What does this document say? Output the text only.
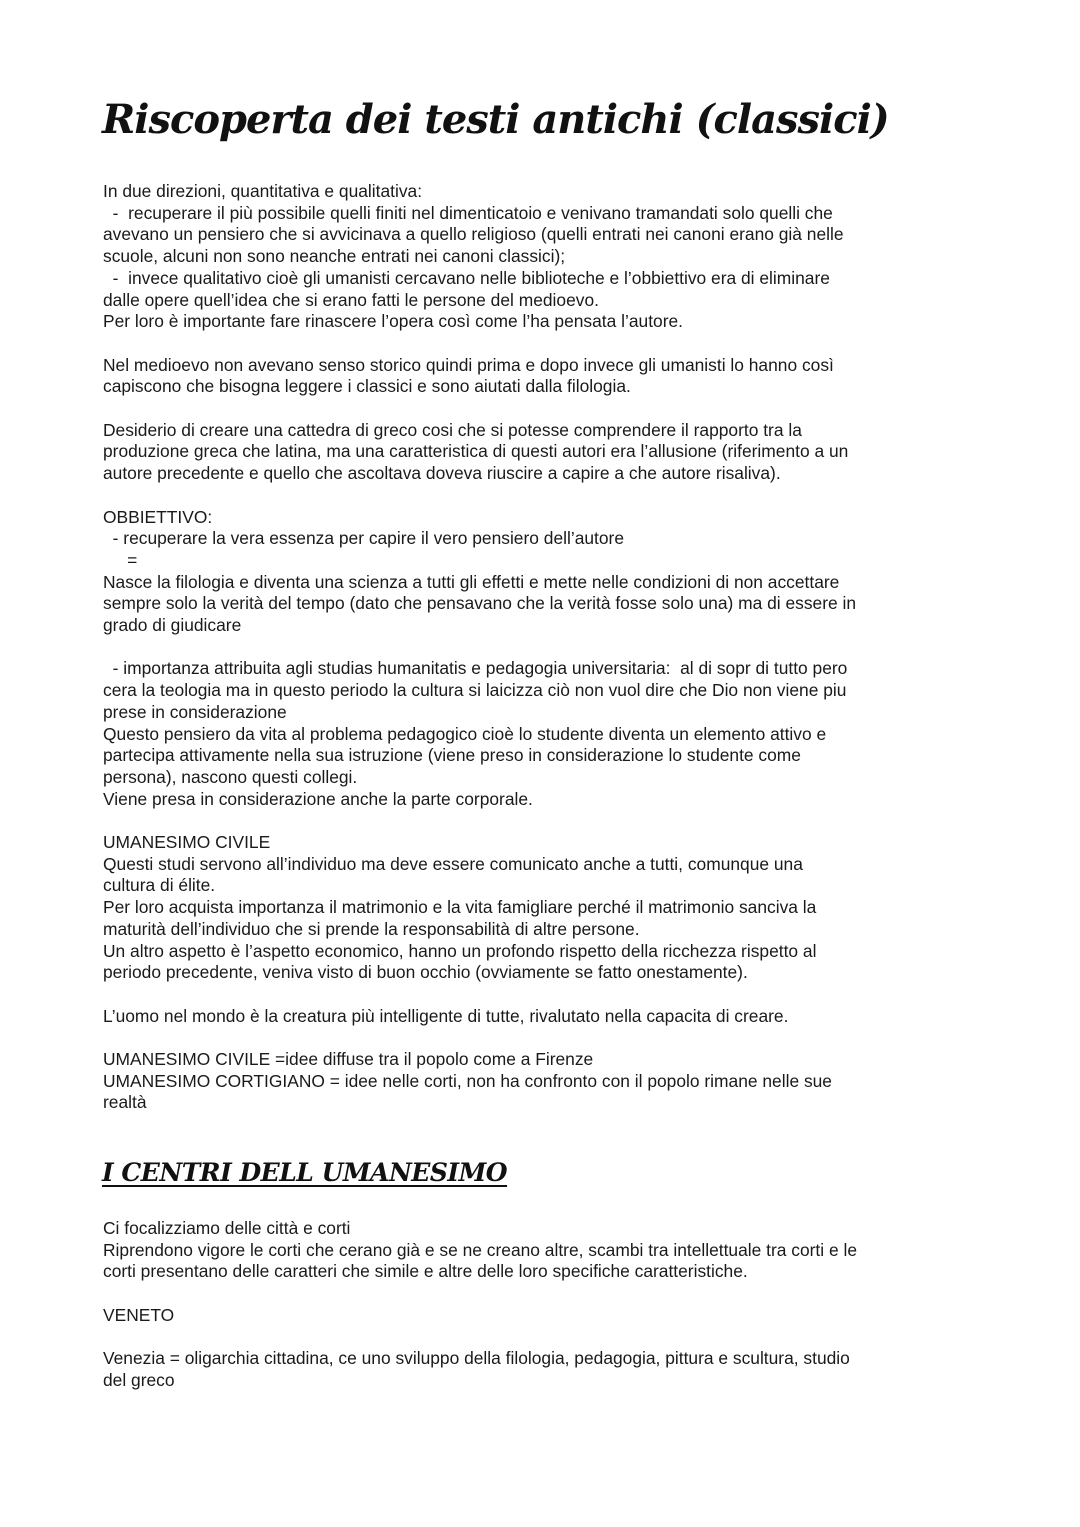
Riscoperta dei testi antichi (classici)
In due direzioni, quantitativa e qualitativa:
-  recuperare il più possibile quelli finiti nel dimenticatoio e venivano tramandati solo quelli che
avevano un pensiero che si avvicinava a quello religioso (quelli entrati nei canoni erano già nelle
scuole, alcuni non sono neanche entrati nei canoni classici);
-  invece qualitativo cioè gli umanisti cercavano nelle biblioteche e l’obbiettivo era di eliminare
dalle opere quell’idea che si erano fatti le persone del medioevo.
Per loro è importante fare rinascere l’opera così come l’ha pensata l’autore.
Nel medioevo non avevano senso storico quindi prima e dopo invece gli umanisti lo hanno così
capiscono che bisogna leggere i classici e sono aiutati dalla filologia.
Desiderio di creare una cattedra di greco cosi che si potesse comprendere il rapporto tra la
produzione greca che latina, ma una caratteristica di questi autori era l’allusione (riferimento a un
autore precedente e quello che ascoltava doveva riuscire a capire a che autore risaliva).
OBBIETTIVO:
- recuperare la vera essenza per capire il vero pensiero dell’autore
=
Nasce la filologia e diventa una scienza a tutti gli effetti e mette nelle condizioni di non accettare
sempre solo la verità del tempo (dato che pensavano che la verità fosse solo una) ma di essere in
grado di giudicare
- importanza attribuita agli studias humanitatis e pedagogia universitaria:  al di sopr di tutto pero
cera la teologia ma in questo periodo la cultura si laicizza ciò non vuol dire che Dio non viene piu
prese in considerazione
Questo pensiero da vita al problema pedagogico cioè lo studente diventa un elemento attivo e
partecipa attivamente nella sua istruzione (viene preso in considerazione lo studente come
persona), nascono questi collegi.
Viene presa in considerazione anche la parte corporale.
UMANESIMO CIVILE
Questi studi servono all’individuo ma deve essere comunicato anche a tutti, comunque una
cultura di élite.
Per loro acquista importanza il matrimonio e la vita famigliare perché il matrimonio sanciva la
maturità dell’individuo che si prende la responsabilità di altre persone.
Un altro aspetto è l’aspetto economico, hanno un profondo rispetto della ricchezza rispetto al
periodo precedente, veniva visto di buon occhio (ovviamente se fatto onestamente).
L’uomo nel mondo è la creatura più intelligente di tutte, rivalutato nella capacita di creare.
UMANESIMO CIVILE =idee diffuse tra il popolo come a Firenze
UMANESIMO CORTIGIANO = idee nelle corti, non ha confronto con il popolo rimane nelle sue
realtà
I CENTRI DELL UMANESIMO
Ci focalizziamo delle città e corti
Riprendono vigore le corti che cerano già e se ne creano altre, scambi tra intellettuale tra corti e le
corti presentano delle caratteri che simile e altre delle loro specifiche caratteristiche.
VENETO
Venezia = oligarchia cittadina, ce uno sviluppo della filologia, pedagogia, pittura e scultura, studio
del greco
